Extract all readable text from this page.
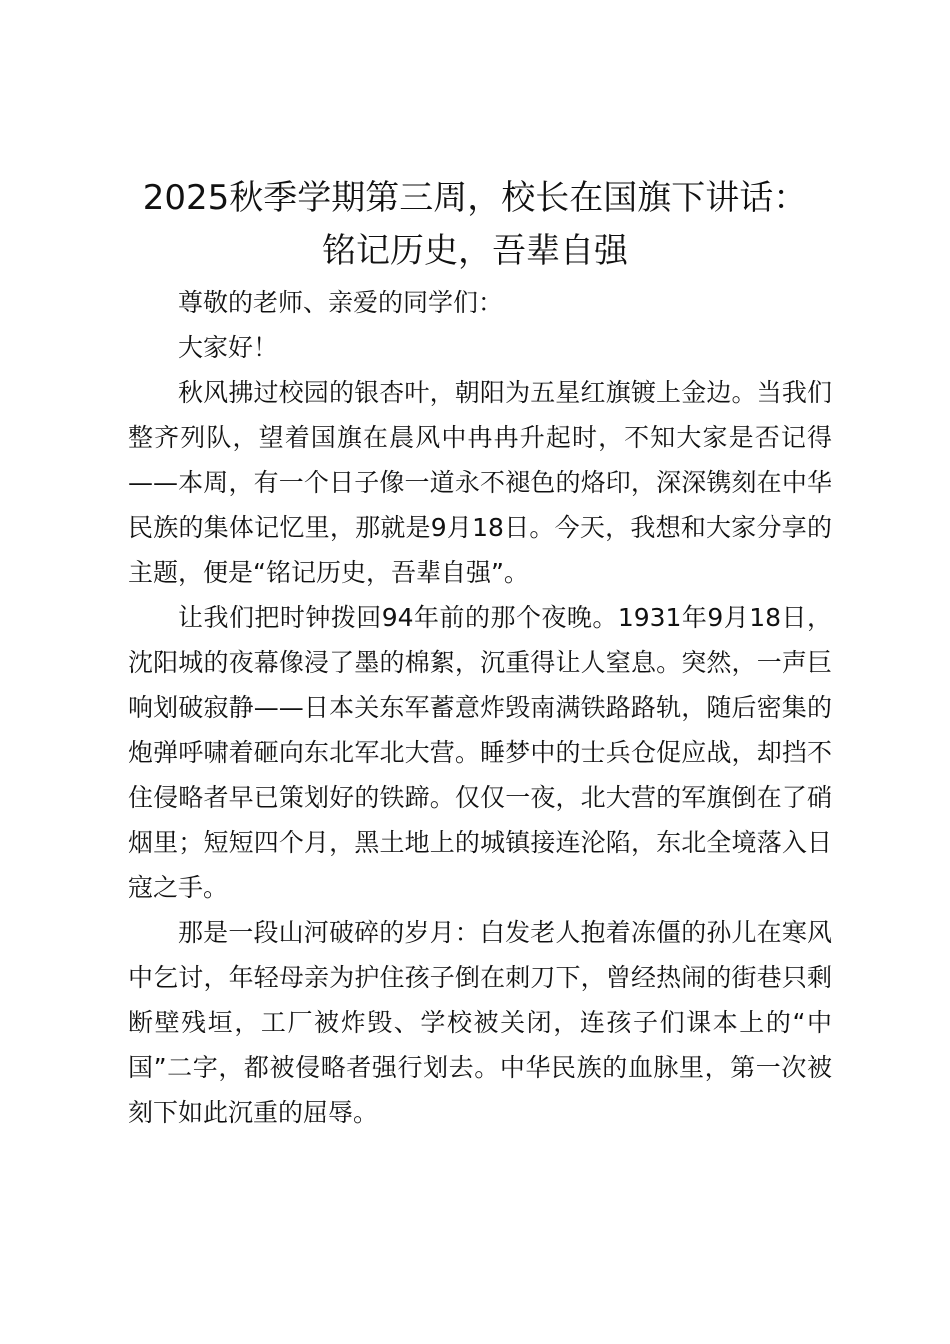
2025秋季学期第三周，校长在国旗下讲话：
铭记历史，吾辈自强

尊敬的老师、亲爱的同学们：

大家好！

秋风拂过校园的银杏叶，朝阳为五星红旗镀上金边。当我们整齐列队，望着国旗在晨风中冉冉升起时，不知大家是否记得——本周，有一个日子像一道永不褪色的烙印，深深镌刻在中华民族的集体记忆里，那就是9月18日。今天，我想和大家分享的主题，便是“铭记历史，吾辈自强”。

让我们把时钟拨回94年前的那个夜晚。1931年9月18日，沈阳城的夜幕像浸了墨的棉絮，沉重得让人窒息。突然，一声巨响划破寂静——日本关东军蓄意炸毁南满铁路路轨，随后密集的炮弹呼啸着砸向东北军北大营。睡梦中的士兵仓促应战，却挡不住侵略者早已策划好的铁蹄。仅仅一夜，北大营的军旗倒在了硝烟里；短短四个月，黑土地上的城镇接连沦陷，东北全境落入日寇之手。

那是一段山河破碎的岁月：白发老人抱着冻僵的孙儿在寒风中乞讨，年轻母亲为护住孩子倒在刺刀下，曾经热闹的街巷只剩断壁残垣，工厂被炸毁、学校被关闭，连孩子们课本上的“中国”二字，都被侵略者强行划去。中华民族的血脉里，第一次被刻下如此沉重的屈辱。
